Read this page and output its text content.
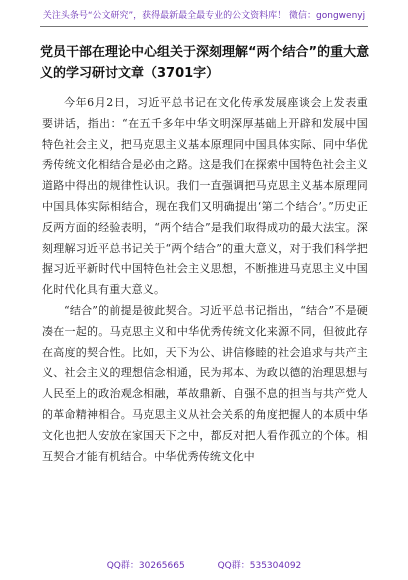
关注头条号“公文研究”，获得最新最全最专业的公文资料库！ 微信：gongwenyj
党员干部在理论中心组关于深刻理解“两个结合”的重大意义的学习研讨文章（3701字）

今年6月2日，习近平总书记在文化传承发展座谈会上发表重要讲话，指出：“在五千多年中华文明深厚基础上开辟和发展中国特色社会主义，把马克思主义基本原理同中国具体实际、同中华优秀传统文化相结合是必由之路。这是我们在探索中国特色社会主义道路中得出的规律性认识。我们一直强调把马克思主义基本原理同中国具体实际相结合，现在我们又明确提出‘第二个结合’。”历史正反两方面的经验表明，“两个结合”是我们取得成功的最大法宝。深刻理解习近平总书记关于“两个结合”的重大意义，对于我们科学把握习近平新时代中国特色社会主义思想，不断推进马克思主义中国化时代化具有重大意义。

“结合”的前提是彼此契合。习近平总书记指出，“结合”不是硬凑在一起的。马克思主义和中华优秀传统文化来源不同，但彼此存在高度的契合性。比如，天下为公、讲信修睦的社会追求与共产主义、社会主义的理想信念相通，民为邦本、为政以德的治理思想与人民至上的政治观念相融，革故鼎新、自强不息的担当与共产党人的革命精神相合。马克思主义从社会关系的角度把握人的本质中华文化也把人安放在家国天下之中，都反对把人看作孤立的个体。相互契合才能有机结合。中华优秀传统文化中

QQ群：30265665	QQ群：535304092
